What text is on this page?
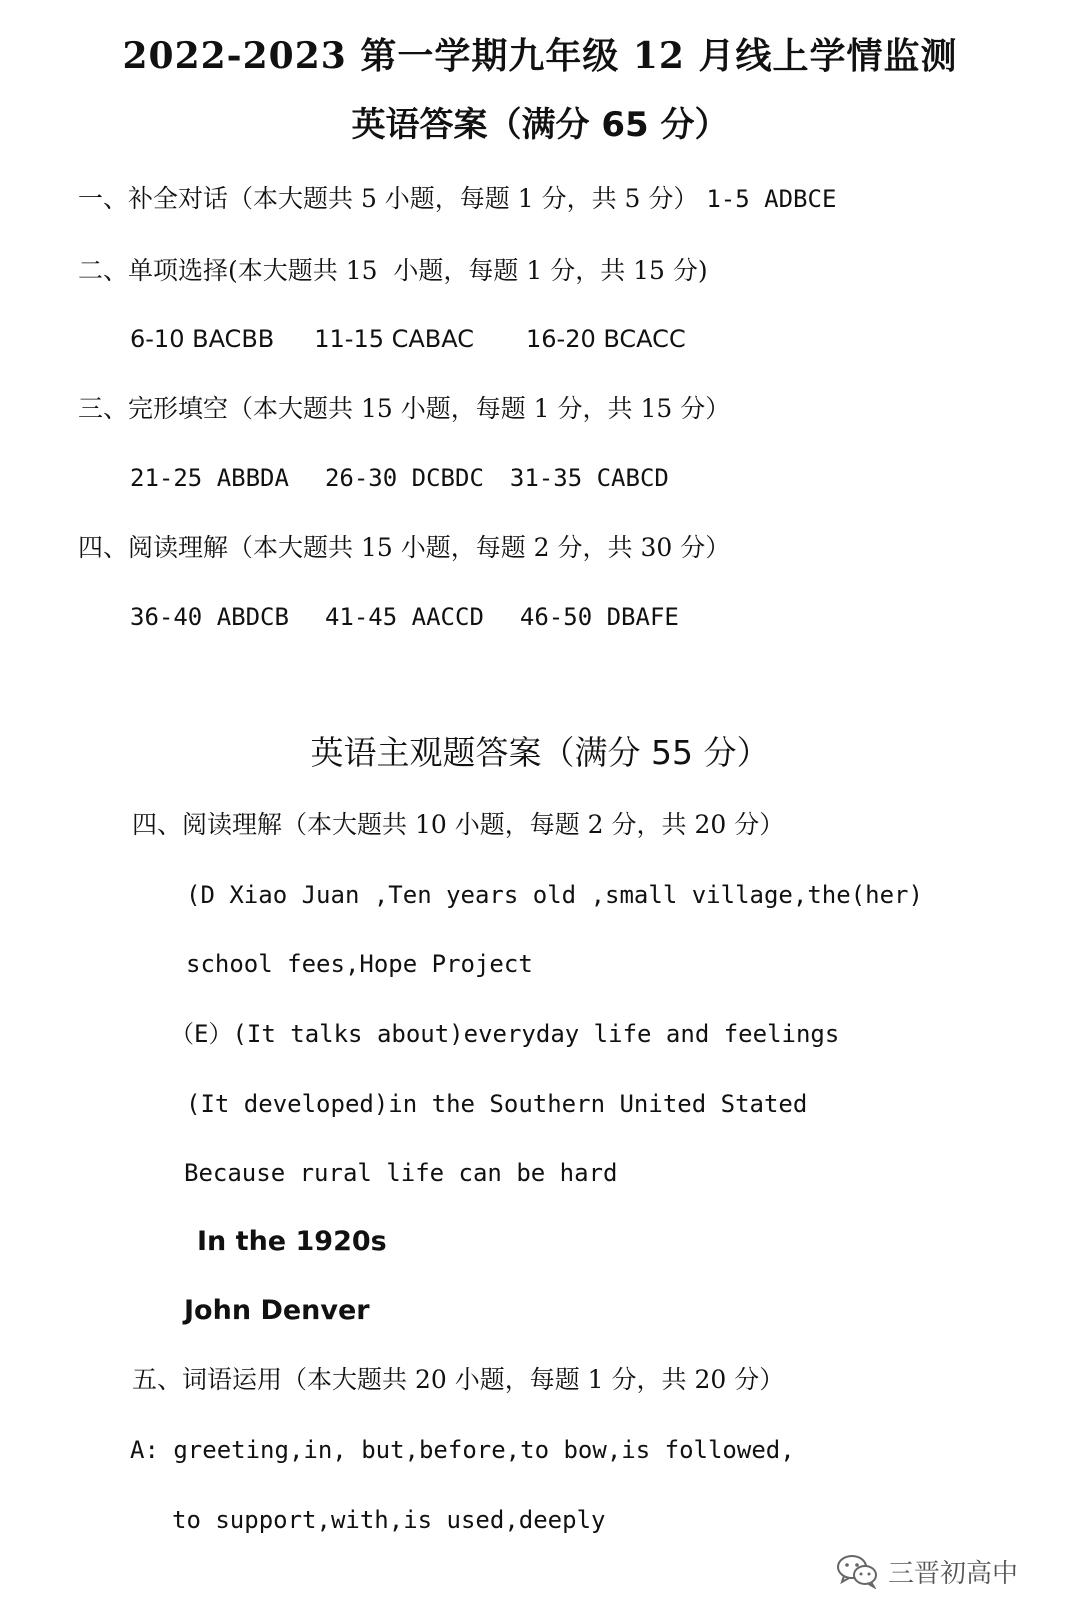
2022-2023 第一学期九年级 12 月线上学情监测
英语答案（满分 65 分）
一、补全对话（本大题共 5 小题，每题 1 分，共 5 分） 1-5 ADBCE
二、单项选择(本大题共 15  小题，每题 1 分，共 15 分)
6-10 BACBB 11-15 CABAC 16-20 BCACC
三、完形填空（本大题共 15 小题，每题 1 分，共 15 分）
21-25 ABBDA 26-30 DCBDC 31-35 CABCD
四、阅读理解（本大题共 15 小题，每题 2 分，共 30 分）
36-40 ABDCB 41-45 AACCD 46-50 DBAFE
英语主观题答案（满分 55 分）
四、阅读理解（本大题共 10 小题，每题 2 分，共 20 分）
(D Xiao Juan ,Ten years old ,small village,the(her)
school fees,Hope Project
（E）(It talks about)everyday life and feelings
(It developed)in the Southern United Stated
Because rural life can be hard
In the 1920s
John Denver
五、词语运用（本大题共 20 小题，每题 1 分，共 20 分）
A: greeting,in, but,before,to bow,is followed,
to support,with,is used,deeply
三晋初高中
